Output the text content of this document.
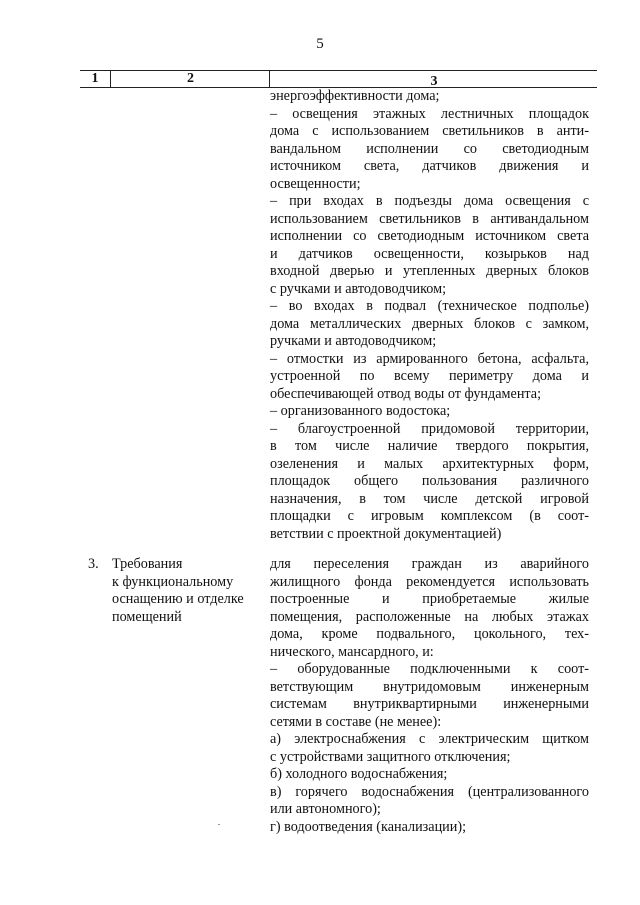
5
1	2	3
энергоэффективности дома;
– освещения этажных лестничных площадок
дома с использованием светильников в анти-
вандальном исполнении со светодиодным
источником света, датчиков движения и
освещенности;
– при входах в подъезды дома освещения с
использованием светильников в антивандальном
исполнении со светодиодным источником света
и датчиков освещенности, козырьков над
входной дверью и утепленных дверных блоков
с ручками и автодоводчиком;
– во входах в подвал (техническое подполье)
дома металлических дверных блоков с замком,
ручками и автодоводчиком;
– отмостки из армированного бетона, асфальта,
устроенной по всему периметру дома и
обеспечивающей отвод воды от фундамента;
– организованного водостока;
– благоустроенной придомовой территории,
в том числе наличие твердого покрытия,
озеленения и малых архитектурных форм,
площадок общего пользования различного
назначения, в том числе детской игровой
площадки с игровым комплексом (в соот-
ветствии с проектной документацией)
3. Требования
к функциональному
оснащению и отделке
помещений
для переселения граждан из аварийного
жилищного фонда рекомендуется использовать
построенные и приобретаемые жилые
помещения, расположенные на любых этажах
дома, кроме подвального, цокольного, тех-
нического, мансардного, и:
– оборудованные подключенными к соот-
ветствующим внутридомовым инженерным
системам внутриквартирными инженерными
сетями в составе (не менее):
а) электроснабжения с электрическим щитком
с устройствами защитного отключения;
б) холодного водоснабжения;
в) горячего водоснабжения (централизованного
или автономного);
г) водоотведения (канализации);
